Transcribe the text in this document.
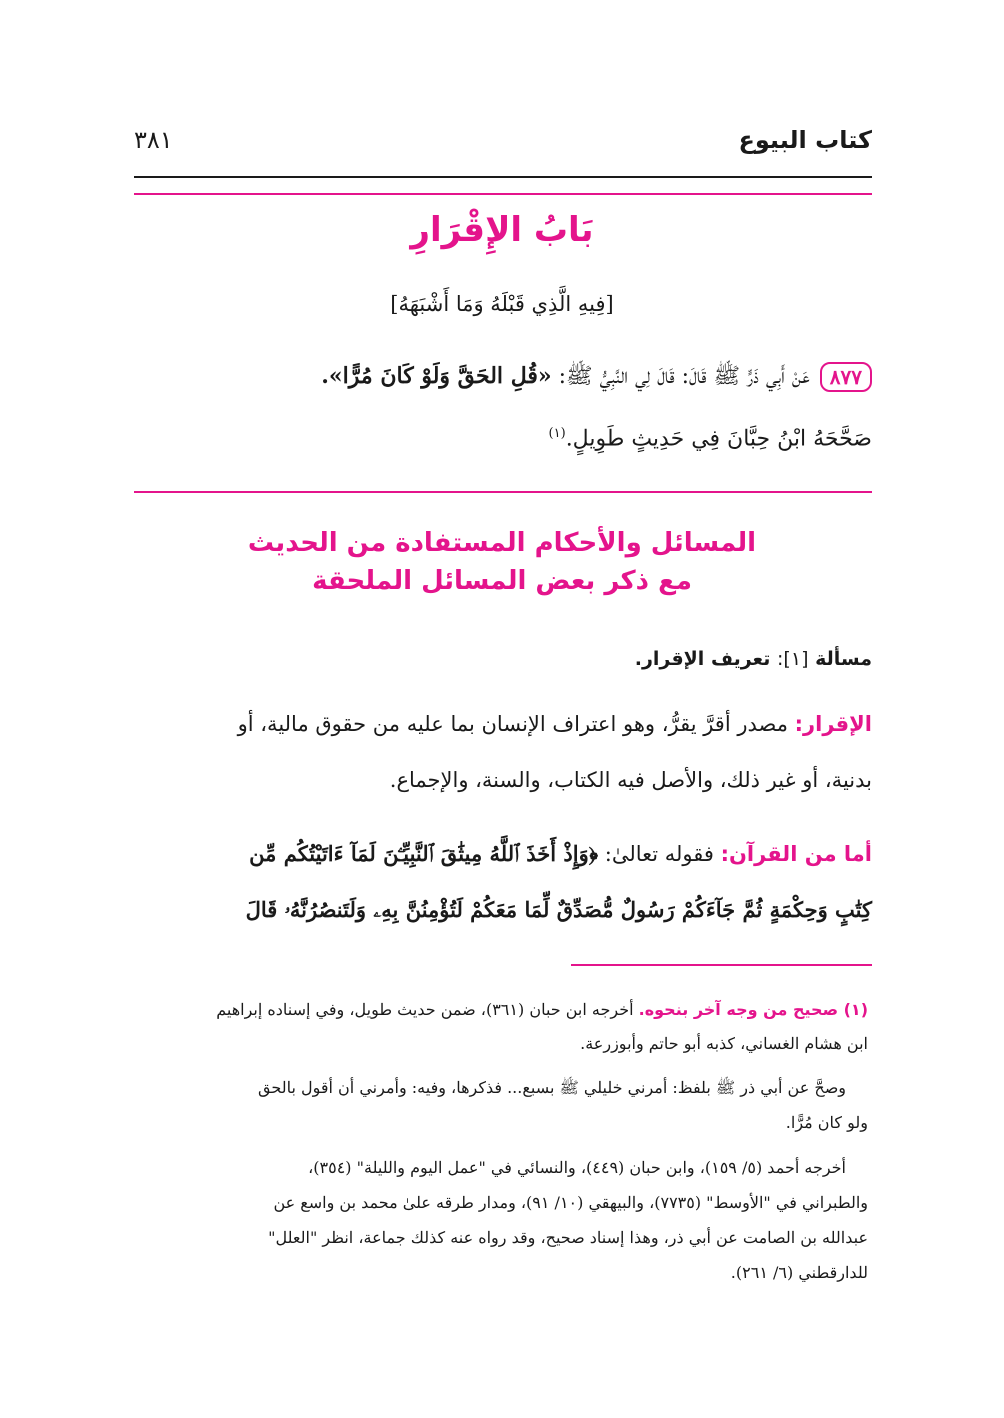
كتاب البيوع
٣٨١
بَابُ الإِقْرَارِ
[فِيهِ الَّذِي قَبْلَهُ وَمَا أَشْبَهَهُ]
٨٧٧عَنْ أَبِي ذَرٍّ ﷺ قَالَ: قَالَ لِي النَّبِيُّ ﷺ: «قُلِ الحَقَّ وَلَوْ كَانَ مُرًّا».
صَحَّحَهُ ابْنُ حِبَّانَ فِي حَدِيثٍ طَوِيلٍ.$^{(١)}$
المسائل والأحكام المستفادة من الحديث
مع ذكر بعض المسائل الملحقة
مسألة [١]: تعريف الإقرار.
الإقرار: مصدر أقرَّ يقرُّ، وهو اعتراف الإنسان بما عليه من حقوق مالية، أو
بدنية، أو غير ذلك، والأصل فيه الكتاب، والسنة، والإجماع.
أما من القرآن: فقوله تعالىٰ: ﴿وَإِذْ أَخَذَ ٱللَّهُ مِيثَٰقَ ٱلنَّبِيِّـۧنَ لَمَآ ءَاتَيْتُكُم مِّن
كِتَٰبٍ وَحِكْمَةٍ ثُمَّ جَآءَكُمْ رَسُولٌ مُّصَدِّقٌ لِّمَا مَعَكُمْ لَتُؤْمِنُنَّ بِهِۦ وَلَتَنصُرُنَّهُۥ قَالَ
(١) صحيح من وجه آخر بنحوه. أخرجه ابن حبان (٣٦١)، ضمن حديث طويل، وفي إسناده إبراهيم
ابن هشام الغساني، كذبه أبو حاتم وأبوزرعة.
وصحَّ عن أبي ذر ﷺ بلفظ: أمرني خليلي ﷺ بسبع... فذكرها، وفيه: وأمرني أن أقول بالحق
ولو كان مُرًّا.
أخرجه أحمد (٥/ ١٥٩)، وابن حبان (٤٤٩)، والنسائي في "عمل اليوم والليلة" (٣٥٤)،
والطبراني في "الأوسط" (٧٧٣٥)، والبيهقي (١٠/ ٩١)، ومدار طرقه علىٰ محمد بن واسع عن
عبدالله بن الصامت عن أبي ذر، وهذا إسناد صحيح، وقد رواه عنه كذلك جماعة، انظر "العلل"
للدارقطني (٦/ ٢٦١).
